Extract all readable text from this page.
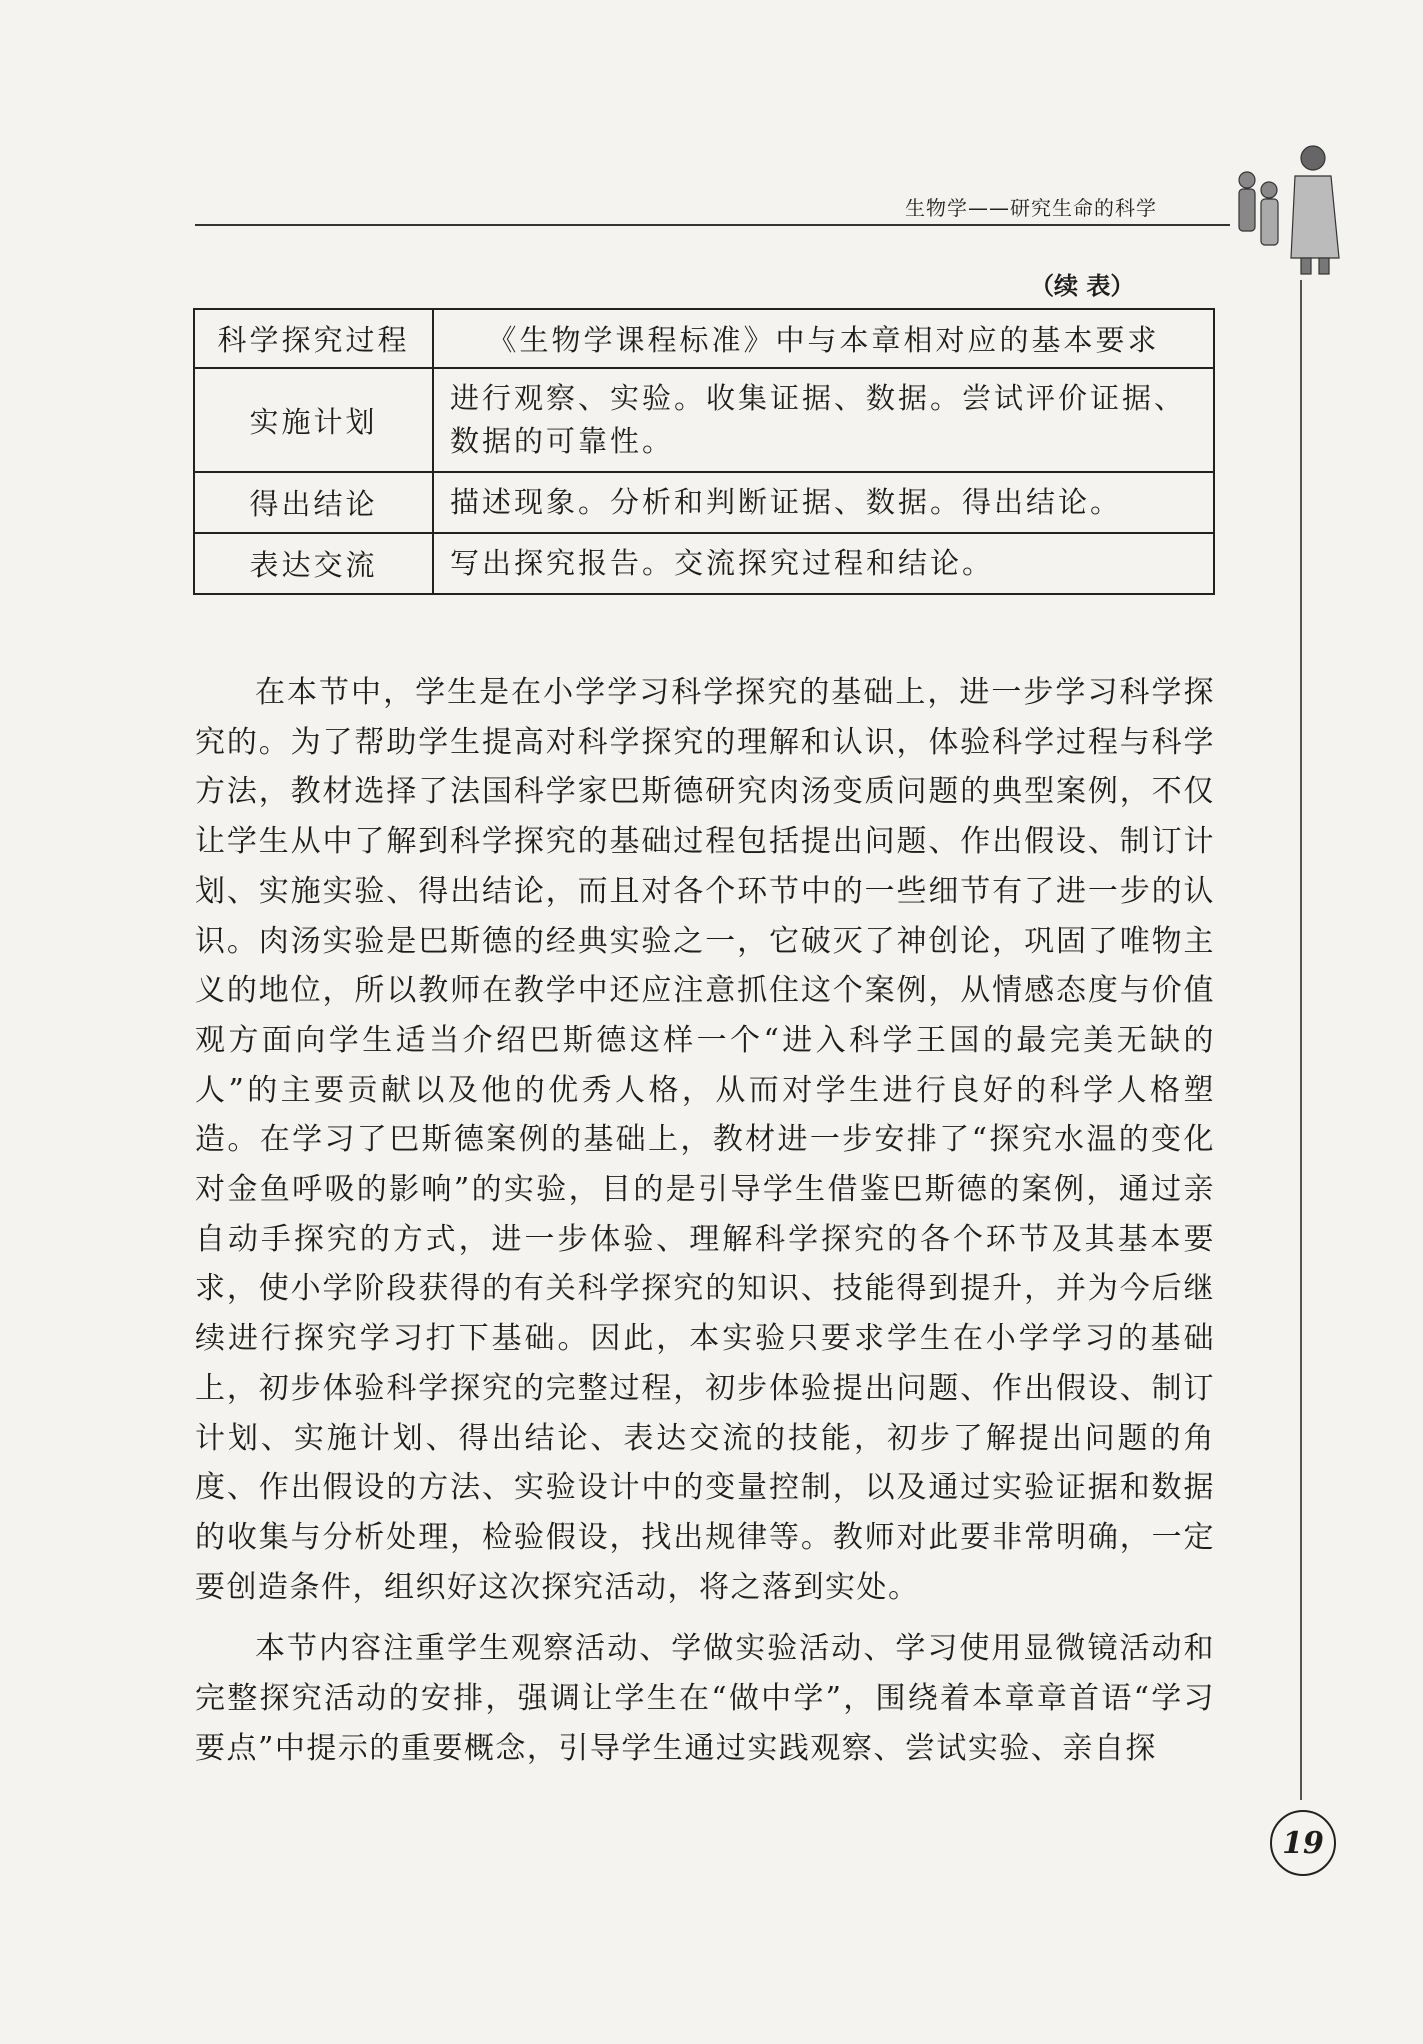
生物学——研究生命的科学
（续 表）
科学探究过程	《生物学课程标准》中与本章相对应的基本要求
实施计划	进行观察、实验。收集证据、数据。尝试评价证据、数据的可靠性。
得出结论	描述现象。分析和判断证据、数据。得出结论。
表达交流	写出探究报告。交流探究过程和结论。

在本节中，学生是在小学学习科学探究的基础上，进一步学习科学探究的。为了帮助学生提高对科学探究的理解和认识，体验科学过程与科学方法，教材选择了法国科学家巴斯德研究肉汤变质问题的典型案例，不仅让学生从中了解到科学探究的基础过程包括提出问题、作出假设、制订计划、实施实验、得出结论，而且对各个环节中的一些细节有了进一步的认识。肉汤实验是巴斯德的经典实验之一，它破灭了神创论，巩固了唯物主义的地位，所以教师在教学中还应注意抓住这个案例，从情感态度与价值观方面向学生适当介绍巴斯德这样一个“进入科学王国的最完美无缺的人”的主要贡献以及他的优秀人格，从而对学生进行良好的科学人格塑造。在学习了巴斯德案例的基础上，教材进一步安排了“探究水温的变化对金鱼呼吸的影响”的实验，目的是引导学生借鉴巴斯德的案例，通过亲自动手探究的方式，进一步体验、理解科学探究的各个环节及其基本要求，使小学阶段获得的有关科学探究的知识、技能得到提升，并为今后继续进行探究学习打下基础。因此，本实验只要求学生在小学学习的基础上，初步体验科学探究的完整过程，初步体验提出问题、作出假设、制订计划、实施计划、得出结论、表达交流的技能，初步了解提出问题的角度、作出假设的方法、实验设计中的变量控制，以及通过实验证据和数据的收集与分析处理，检验假设，找出规律等。教师对此要非常明确，一定要创造条件，组织好这次探究活动，将之落到实处。

本节内容注重学生观察活动、学做实验活动、学习使用显微镜活动和完整探究活动的安排，强调让学生在“做中学”，围绕着本章章首语“学习要点”中提示的重要概念，引导学生通过实践观察、尝试实验、亲自探

19
